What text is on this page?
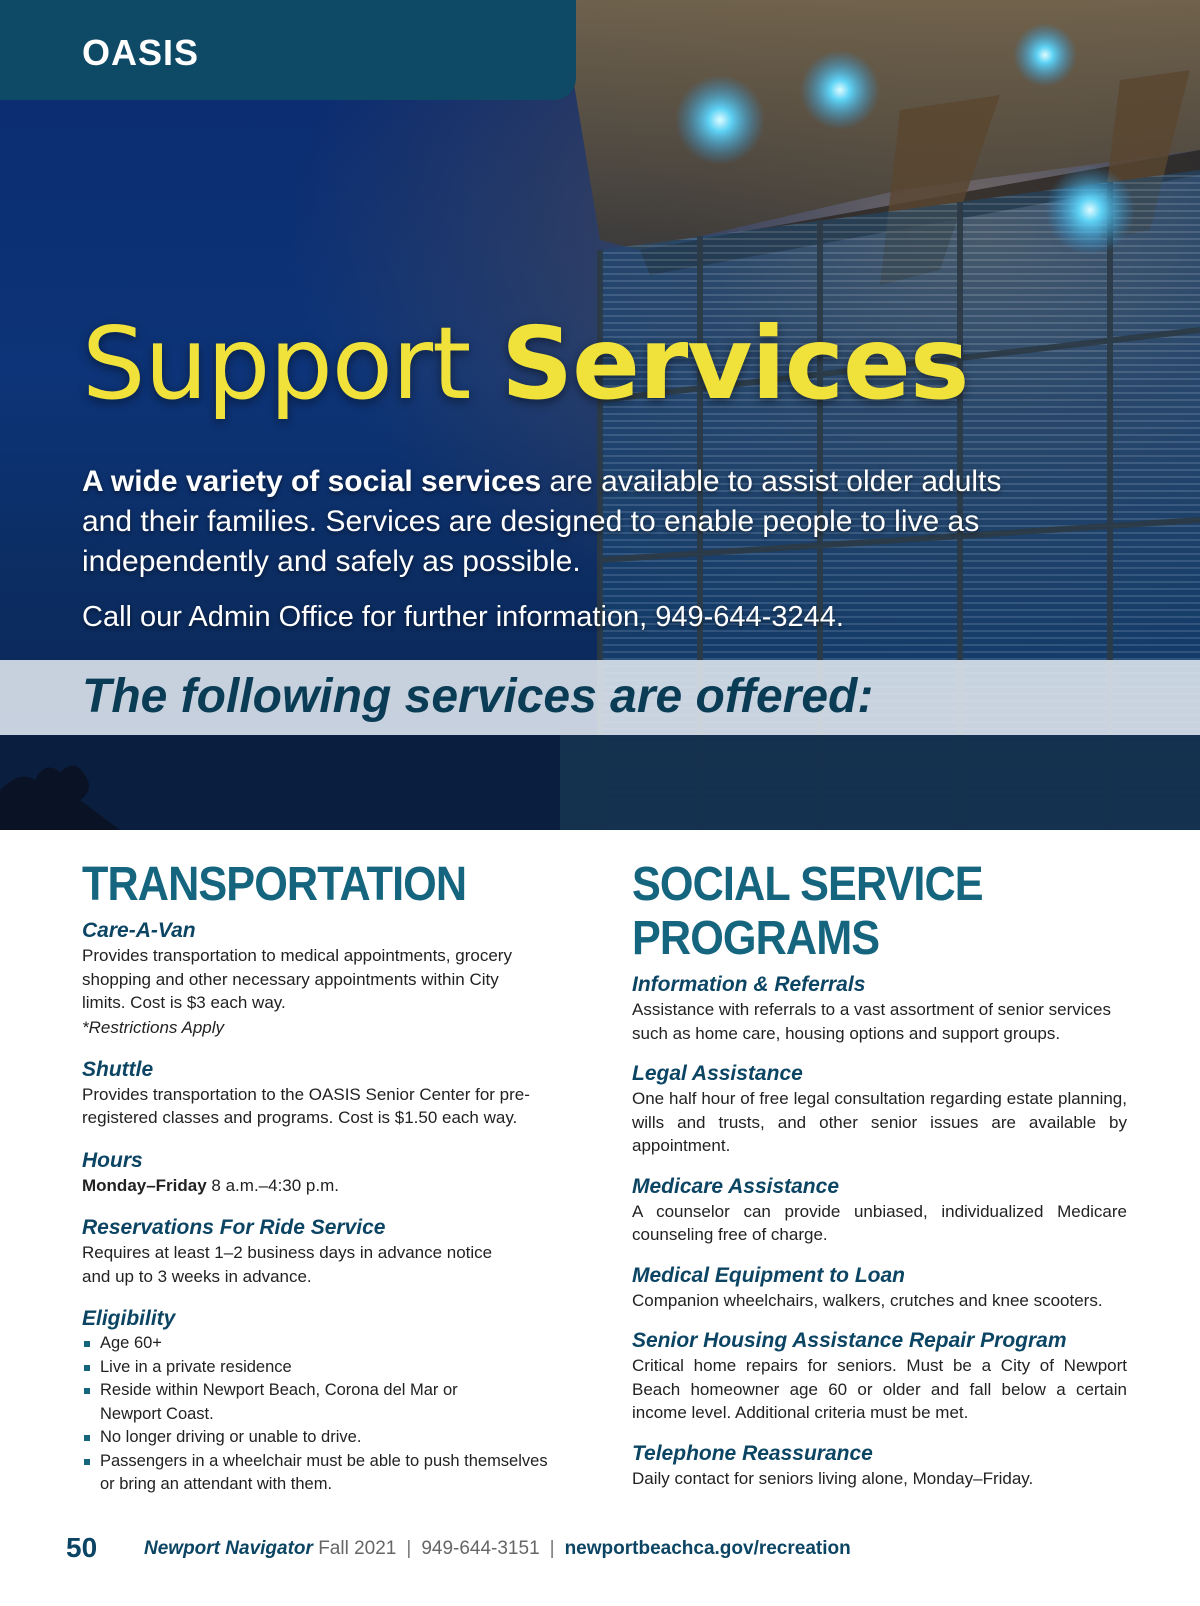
OASIS
Support Services
A wide variety of social services are available to assist older adults and their families. Services are designed to enable people to live as independently and safely as possible.
Call our Admin Office for further information, 949-644-3244.
The following services are offered:
TRANSPORTATION
Care-A-Van
Provides transportation to medical appointments, grocery shopping and other necessary appointments within City limits. Cost is $3 each way.
*Restrictions Apply
Shuttle
Provides transportation to the OASIS Senior Center for pre-registered classes and programs. Cost is $1.50 each way.
Hours
Monday–Friday 8 a.m.–4:30 p.m.
Reservations For Ride Service
Requires at least 1–2 business days in advance notice and up to 3 weeks in advance.
Eligibility
Age 60+
Live in a private residence
Reside within Newport Beach, Corona del Mar or Newport Coast.
No longer driving or unable to drive.
Passengers in a wheelchair must be able to push themselves or bring an attendant with them.
SOCIAL SERVICE
PROGRAMS
Information & Referrals
Assistance with referrals to a vast assortment of senior services such as home care, housing options and support groups.
Legal Assistance
One half hour of free legal consultation regarding estate planning, wills and trusts, and other senior issues are available by appointment.
Medicare Assistance
A counselor can provide unbiased, individualized Medicare counseling free of charge.
Medical Equipment to Loan
Companion wheelchairs, walkers, crutches and knee scooters.
Senior Housing Assistance Repair Program
Critical home repairs for seniors. Must be a City of Newport Beach homeowner age 60 or older and fall below a certain income level. Additional criteria must be met.
Telephone Reassurance
Daily contact for seniors living alone, Monday–Friday.
50 Newport Navigator Fall 2021 | 949-644-3151 | newportbeachca.gov/recreation
